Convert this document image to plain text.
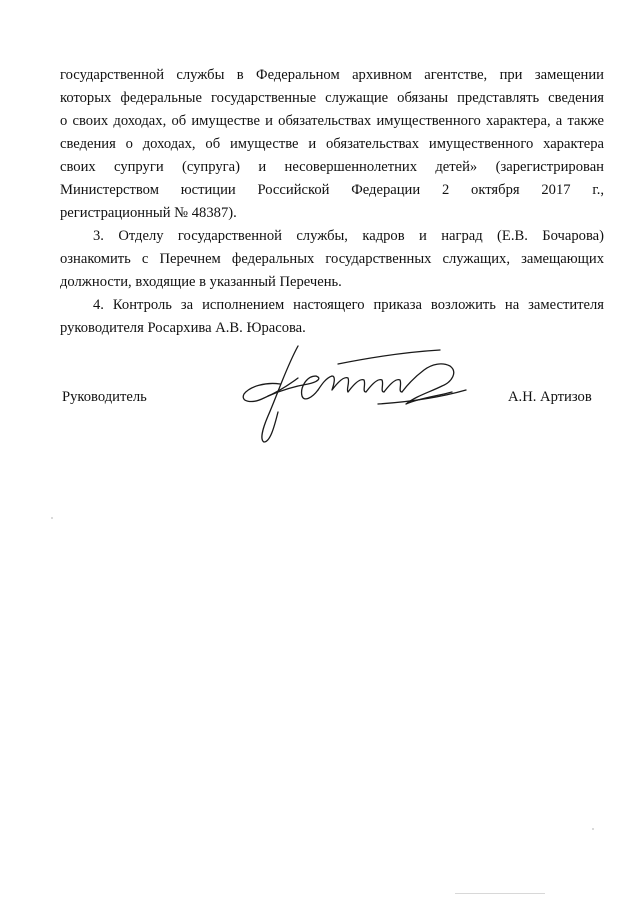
государственной службы в Федеральном архивном агентстве, при замещении
которых федеральные государственные служащие обязаны представлять сведения
о своих доходах, об имуществе и обязательствах имущественного характера, а также
сведения о доходах, об имуществе и обязательствах имущественного характера
своих супруги (супруга) и несовершеннолетних детей» (зарегистрирован
Министерством юстиции Российской Федерации 2 октября 2017 г.,
регистрационный № 48387).
3. Отделу государственной службы, кадров и наград (Е.В. Бочарова)
ознакомить с Перечнем федеральных государственных служащих, замещающих
должности, входящие в указанный Перечень.
4. Контроль за исполнением настоящего приказа возложить на заместителя
руководителя Росархива А.В. Юрасова.
Руководитель	А.Н. Артизов
